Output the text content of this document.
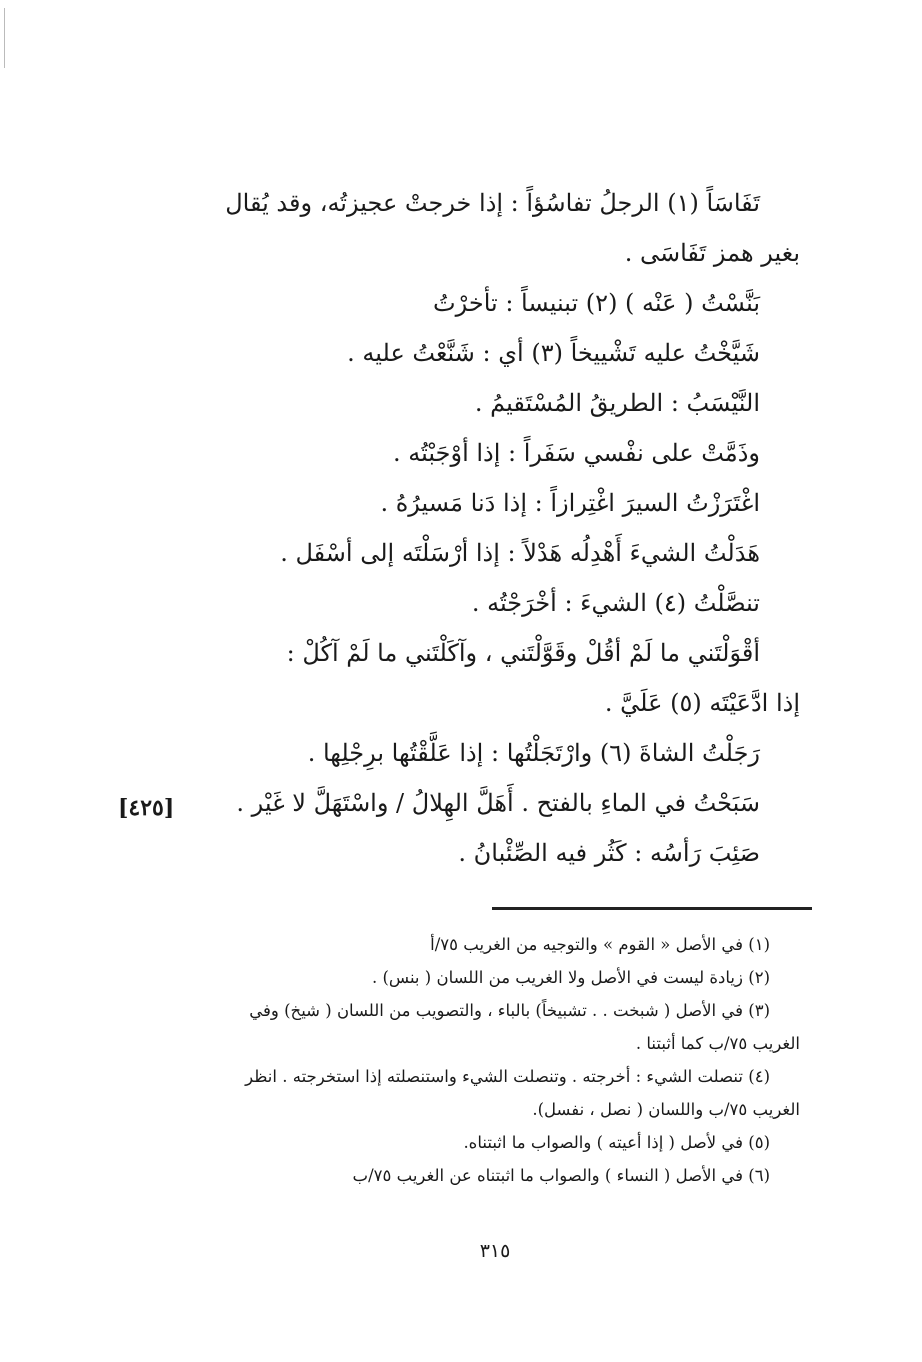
تَفَاسَاً (١) الرجلُ تفاسُؤاً : إذا خرجتْ عجيزتُه، وقد يُقال
بغير همز تَفَاسَى .
بَنَّسْتُ ( عَنْه ) (٢) تبنيساً : تأخرْتُ
شَيَّخْتُ عليه تَشْييخاً (٣) أي : شَنَّعْتُ عليه .
النَّيْسَبُ : الطريقُ المُسْتَقيمُ .
وذَمَّتْ على نفْسي سَفَراً : إذا أوْجَبْتُه .
اغْتَرَزْتُ السيرَ اغْتِرازاً : إذا دَنا مَسيرُهُ .
هَدَلْتُ الشيءَ أَهْدِلُه هَدْلاً : إذا أرْسَلْتَه إلى أسْفَل .
تنصَّلْتُ (٤) الشيءَ : أخْرَجْتُه .
أقْوَلْتَني ما لَمْ أقُلْ وقَوَّلْتَني ، وآكَلْتَني ما لَمْ آكُلْ :
إذا ادَّعَيْتَه (٥) عَلَيَّ .
رَجَلْتُ الشاةَ (٦) وارْتَجَلْتُها : إذا عَلَّقْتُها برِجْلِها .
سَبَحْتُ في الماءِ بالفتح . أَهَلَّ الهِلالُ / واسْتَهَلَّ لا غَيْر .
صَئِبَ رَأسُه : كَثُر فيه الصِّئْبانُ .
[٤٢٥]
(١) في الأصل « القوم » والتوجيه من الغريب ٧٥/أ
(٢) زيادة ليست في الأصل ولا الغريب من اللسان ( بنس) .
(٣) في الأصل ( شبخت . . تشبيخاً) بالباء ، والتصويب من اللسان ( شيخ) وفي
الغريب ٧٥/ب كما أثبتنا .
(٤) تنصلت الشيء : أخرجته . وتنصلت الشيء واستنصلته إذا استخرجته . انظر
الغريب ٧٥/ب واللسان ( نصل ، نفسل).
(٥) في لأصل ( إذا أعيته ) والصواب ما اثبتناه.
(٦) في الأصل ( النساء ) والصواب ما اثبتناه عن الغريب ٧٥/ب
٣١٥
